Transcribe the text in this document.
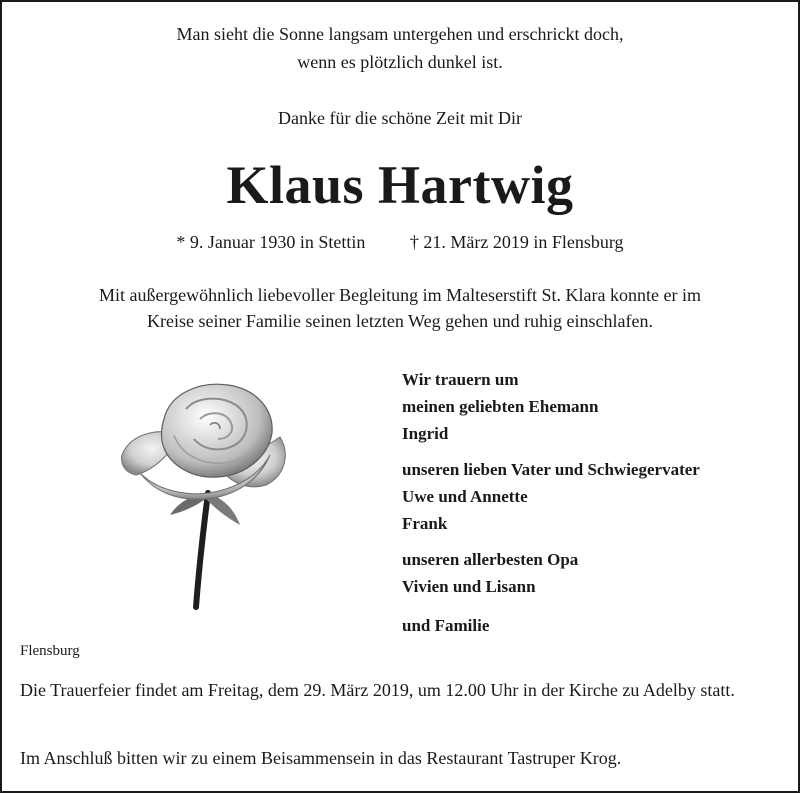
Man sieht die Sonne langsam untergehen und erschrickt doch,
wenn es plötzlich dunkel ist.
Danke für die schöne Zeit mit Dir
Klaus Hartwig
* 9. Januar 1930 in Stettin † 21. März 2019 in Flensburg
Mit außergewöhnlich liebevoller Begleitung im Malteserstift St. Klara konnte er im
Kreise seiner Familie seinen letzten Weg gehen und ruhig einschlafen.
Wir trauern um
meinen geliebten Ehemann
Ingrid
unseren lieben Vater und Schwiegervater
Uwe und Annette
Frank
unseren allerbesten Opa
Vivien und Lisann
und Familie
Flensburg
Die Trauerfeier findet am Freitag, dem 29. März 2019, um 12.00 Uhr in der Kirche zu Adelby statt.
Im Anschluß bitten wir zu einem Beisammensein in das Restaurant Tastruper Krog.
